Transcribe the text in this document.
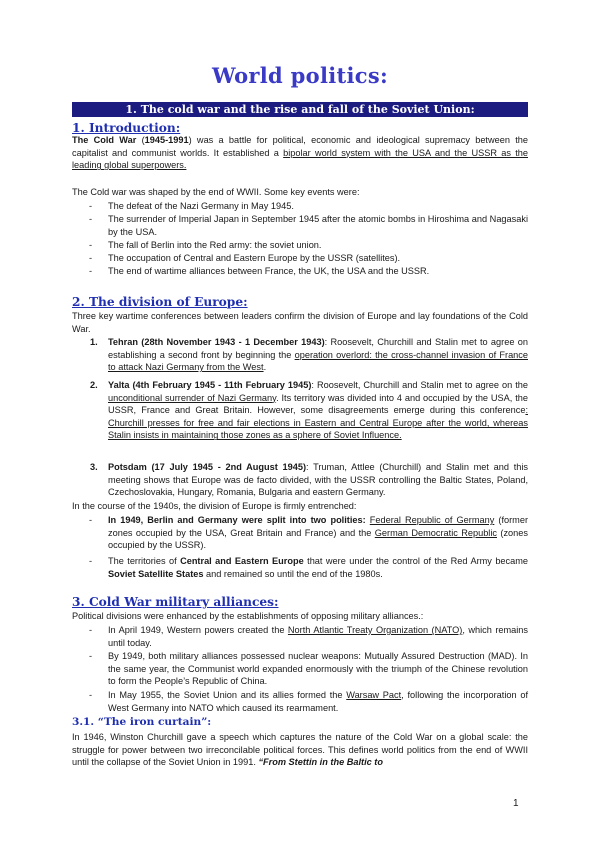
World politics:
1. The cold war and the rise and fall of the Soviet Union:
1. Introduction:

The Cold War (1945-1991) was a battle for political, economic and ideological supremacy between the capitalist and communist worlds. It established a bipolar world system with the USA and the USSR as the leading global superpowers.

The Cold war was shaped by the end of WWII. Some key events were:

- The defeat of the Nazi Germany in May 1945.
- The surrender of Imperial Japan in September 1945 after the atomic bombs in Hiroshima and Nagasaki by the USA.
- The fall of Berlin into the Red army: the soviet union.
- The occupation of Central and Eastern Europe by the USSR (satellites).
- The end of wartime alliances between France, the UK, the USA and the USSR.
2. The division of Europe:

Three key wartime conferences between leaders confirm the division of Europe and lay foundations of the Cold War.

1. Tehran (28th November 1943 - 1 December 1943): Roosevelt, Churchill and Stalin met to agree on establishing a second front by beginning the operation overlord: the cross-channel invasion of France to attack Nazi Germany from the West.

2. Yalta (4th February 1945 - 11th February 1945): Roosevelt, Churchill and Stalin met to agree on the unconditional surrender of Nazi Germany. Its territory was divided into 4 and occupied by the USA, the USSR, France and Great Britain. However, some disagreements emerge during this conference: Churchill presses for free and fair elections in Eastern and Central Europe after the world, whereas Stalin insists in maintaining those zones as a sphere of Soviet Influence.

3. Potsdam (17 July 1945 - 2nd August 1945): Truman, Attlee (Churchill) and Stalin met and this meeting shows that Europe was de facto divided, with the USSR controlling the Baltic States, Poland, Czechoslovakia, Hungary, Romania, Bulgaria and eastern Germany.

In the course of the 1940s, the division of Europe is firmly entrenched:

- In 1949, Berlin and Germany were split into two polities: Federal Republic of Germany (former zones occupied by the USA, Great Britain and France) and the German Democratic Republic (zones occupied by the USSR).

- The territories of Central and Eastern Europe that were under the control of the Red Army became Soviet Satellite States and remained so until the end of the 1980s.

3. Cold War military alliances:

Political divisions were enhanced by the establishments of opposing military alliances.:

- In April 1949, Western powers created the North Atlantic Treaty Organization (NATO), which remains until today.

- By 1949, both military alliances possessed nuclear weapons: Mutually Assured Destruction (MAD). In the same year, the Communist world expanded enormously with the triumph of the Chinese revolution to form the People’s Republic of China.

- In May 1955, the Soviet Union and its allies formed the Warsaw Pact, following the incorporation of West Germany into NATO which caused its rearmament.

3.1. “The iron curtain”:

In 1946, Winston Churchill gave a speech which captures the nature of the Cold War on a global scale: the struggle for power between two irreconcilable political forces. This defines world politics from the end of WWII until the collapse of the Soviet Union in 1991. “From Stettin in the Baltic to

1
